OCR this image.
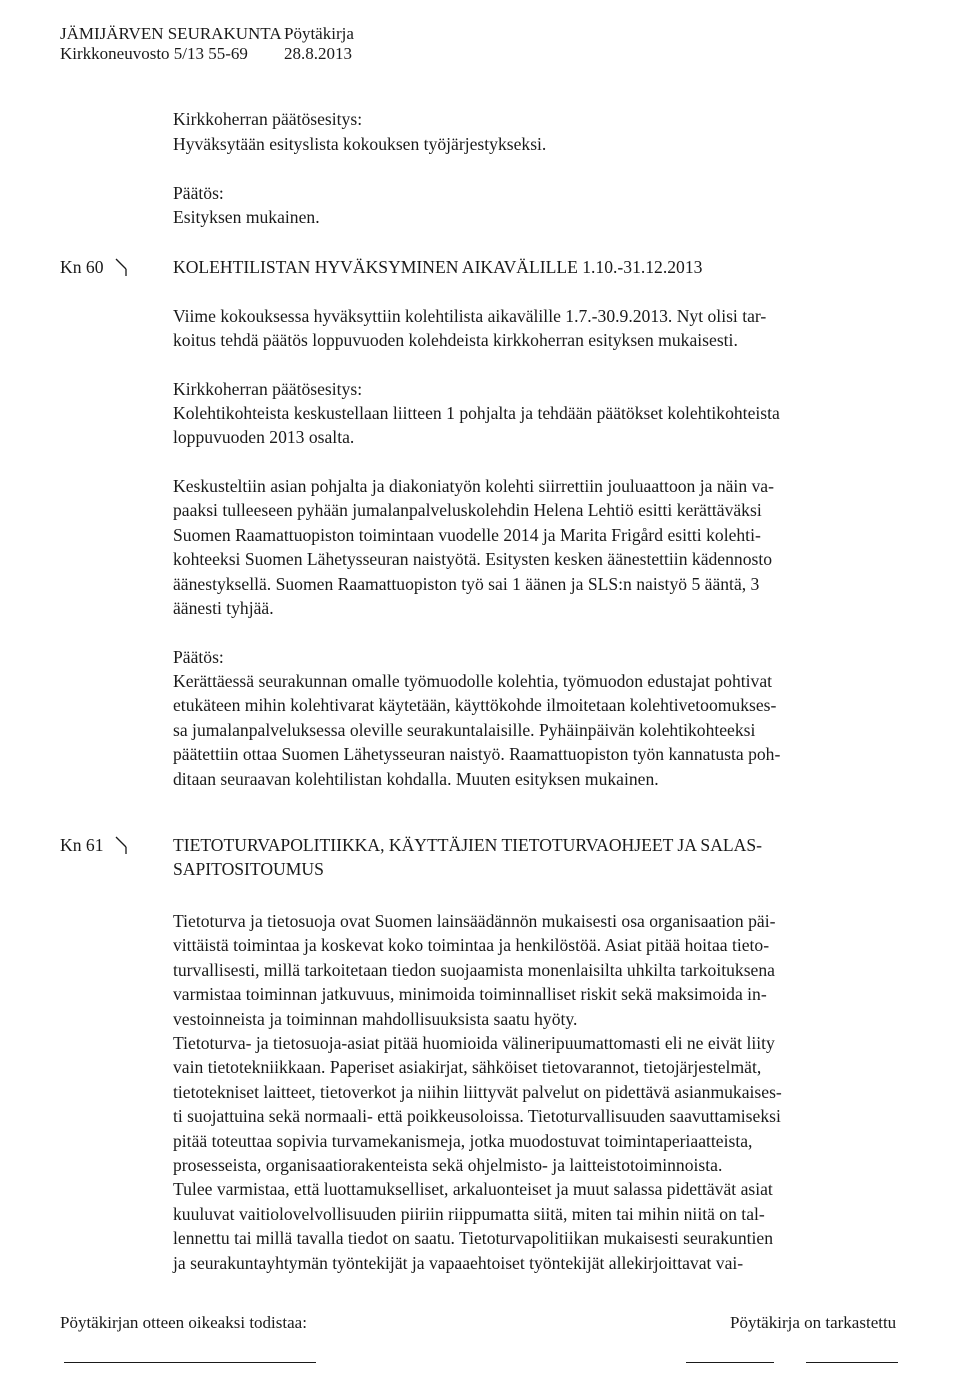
JÄMIJÄRVEN SEURAKUNTA Pöytäkirja
Kirkkoneuvosto 5/13 55-69 28.8.2013
Kirkkoherran päätösesitys:
Hyväksytään esityslista kokouksen työjärjestykseksi.
Päätös:
Esityksen mukainen.
Kn 60	KOLEHTILISTAN HYVÄKSYMINEN AIKAVÄLILLE 1.10.-31.12.2013
Viime kokouksessa hyväksyttiin kolehtilista aikavälille 1.7.-30.9.2013. Nyt olisi tar-
koitus tehdä päätös loppuvuoden kolehdeista kirkkoherran esityksen mukaisesti.
Kirkkoherran päätösesitys:
Kolehtikohteista keskustellaan liitteen 1 pohjalta ja tehdään päätökset kolehtikohteista
loppuvuoden 2013 osalta.
Keskusteltiin asian pohjalta ja diakoniatyön kolehti siirrettiin jouluaattoon ja näin va-
paaksi tulleeseen pyhään jumalanpalveluskolehdin Helena Lehtiö esitti kerättäväksi
Suomen Raamattuopiston toimintaan vuodelle 2014 ja Marita Frigård esitti kolehti-
kohteeksi Suomen Lähetysseuran naistyötä. Esitysten kesken äänestettiin kädennosto
äänestyksellä. Suomen Raamattuopiston työ sai 1 äänen ja SLS:n naistyö 5 ääntä, 3
äänesti tyhjää.
Päätös:
Kerättäessä seurakunnan omalle työmuodolle kolehtia, työmuodon edustajat pohtivat
etukäteen mihin kolehtivarat käytetään, käyttökohde ilmoitetaan kolehtivetoomukses-
sa jumalanpalveluksessa oleville seurakuntalaisille. Pyhäinpäivän kolehtikohteeksi
päätettiin ottaa Suomen Lähetysseuran naistyö. Raamattuopiston työn kannatusta poh-
ditaan seuraavan kolehtilistan kohdalla. Muuten esityksen mukainen.
Kn 61	TIETOTURVAPOLITIIKKA, KÄYTTÄJIEN TIETOTURVAOHJEET JA SALAS-
SAPITOSITOUMUS
Tietoturva ja tietosuoja ovat Suomen lainsäädännön mukaisesti osa organisaation päi-
vittäistä toimintaa ja koskevat koko toimintaa ja henkilöstöä. Asiat pitää hoitaa tieto-
turvallisesti, millä tarkoitetaan tiedon suojaamista monenlaisilta uhkilta tarkoituksena
varmistaa toiminnan jatkuvuus, minimoida toiminnalliset riskit sekä maksimoida in-
vestoinneista ja toiminnan mahdollisuuksista saatu hyöty.
Tietoturva- ja tietosuoja-asiat pitää huomioida välineripuumattomasti eli ne eivät liity
vain tietotekniikkaan. Paperiset asiakirjat, sähköiset tietovarannot, tietojärjestelmät,
tietotekniset laitteet, tietoverkot ja niihin liittyvät palvelut on pidettävä asianmukaises-
ti suojattuina sekä normaali- että poikkeusoloissa. Tietoturvallisuuden saavuttamiseksi
pitää toteuttaa sopivia turvamekanismeja, jotka muodostuvat toimintaperiaatteista,
prosesseista, organisaatiorakenteista sekä ohjelmisto- ja laitteistotoiminnoista.
Tulee varmistaa, että luottamukselliset, arkaluonteiset ja muut salassa pidettävät asiat
kuuluvat vaitiolovelvollisuuden piiriin riippumatta siitä, miten tai mihin niitä on tal-
lennettu tai millä tavalla tiedot on saatu. Tietoturvapolitiikan mukaisesti seurakuntien
ja seurakuntayhtymän työntekijät ja vapaaehtoiset työntekijät allekirjoittavat vai-
Pöytäkirjan otteen oikeaksi todistaa:	Pöytäkirja on tarkastettu
